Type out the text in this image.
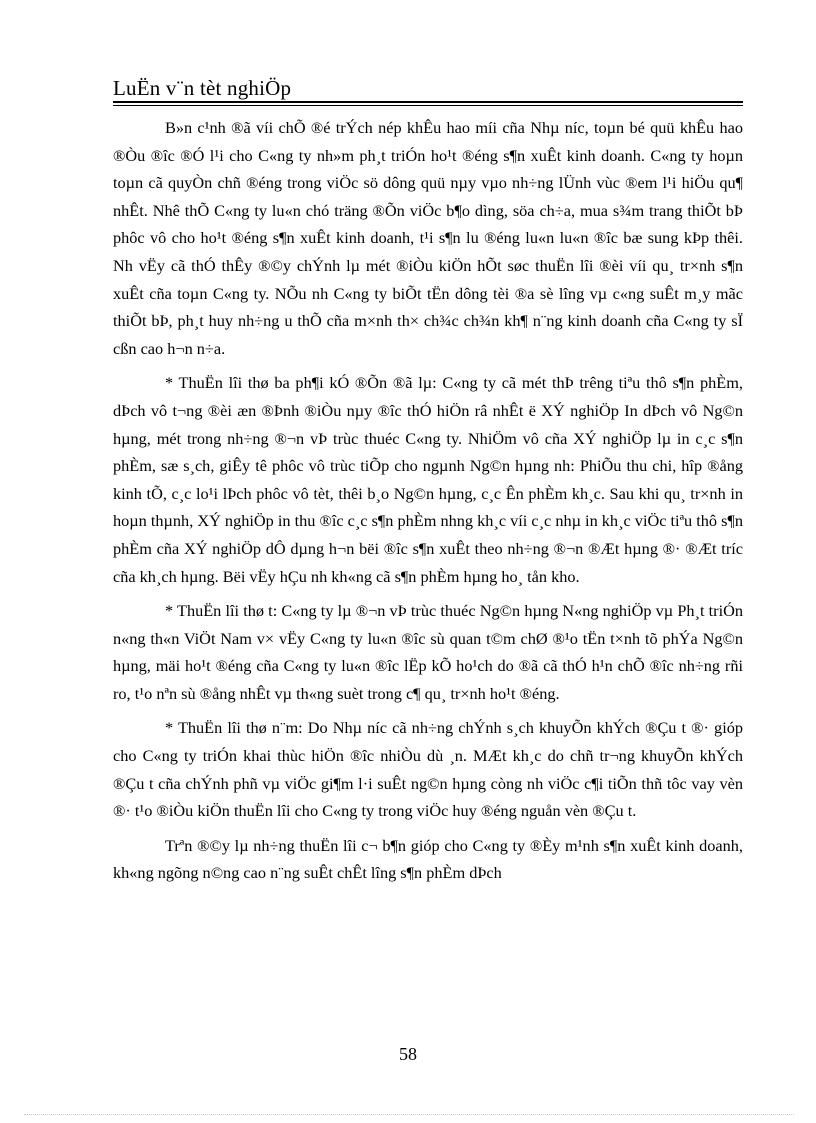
LuËn v¨n tèt nghiÖp

B»n c¹nh ®ã víi chÕ ®é trÝch nép khÊu hao míi cña Nhµ níc, toµn bé quü khÊu hao ®Òu ®îc ®Ó l¹i cho C«ng ty nh»m ph¸t triÓn ho¹t ®éng s¶n xuÊt kinh doanh. C«ng ty hoµn toµn cã quyÒn chñ ®éng trong viÖc sö dông quü nµy vµo nh÷ng lÜnh vùc ®em l¹i hiÖu qu¶ nhÊt. Nhê thÕ C«ng ty lu«n chó träng ®Õn viÖc b¶o dìng, söa ch÷a, mua s¾m trang thiÕt bÞ phôc vô cho ho¹t ®éng s¶n xuÊt kinh doanh, t¹i s¶n lu ®éng lu«n lu«n ®îc bæ sung kÞp thêi. Nh vËy cã thÓ thÊy ®©y chÝnh lµ mét ®iÒu kiÖn hÕt søc thuËn lîi ®èi víi qu¸ tr×nh s¶n xuÊt cña toµn C«ng ty. NÕu nh C«ng ty biÕt tËn dông tèi ®a sè lîng vµ c«ng suÊt m¸y mãc thiÕt bÞ, ph¸t huy nh÷ng u thÕ cña m×nh th× ch¾c ch¾n kh¶ n¨ng kinh doanh cña C«ng ty sÏ cßn cao h¬n n÷a.

* ThuËn lîi thø ba ph¶i kÓ ®Õn ®ã lµ: C«ng ty cã mét thÞ trêng tiªu thô s¶n phÈm, dÞch vô t¬ng ®èi æn ®Þnh ®iÒu nµy ®îc thÓ hiÖn râ nhÊt ë XÝ nghiÖp In dÞch vô Ng©n hµng, mét trong nh÷ng ®¬n vÞ trùc thuéc C«ng ty. NhiÖm vô cña XÝ nghiÖp lµ in c¸c s¶n phÈm, sæ s¸ch, giÊy tê phôc vô trùc tiÕp cho ngµnh Ng©n hµng nh: PhiÕu thu chi, hîp ®ång kinh tÕ, c¸c lo¹i lÞch phôc vô tèt, thêi b¸o Ng©n hµng, c¸c Ên phÈm kh¸c. Sau khi qu¸ tr×nh in hoµn thµnh, XÝ nghiÖp in thu ®îc c¸c s¶n phÈm nhng kh¸c víi c¸c nhµ in kh¸c viÖc tiªu thô s¶n phÈm cña XÝ nghiÖp dÔ dµng h¬n bëi ®îc s¶n xuÊt theo nh÷ng ®¬n ®Æt hµng ®· ®Æt tríc cña kh¸ch hµng. Bëi vËy hÇu nh kh«ng cã s¶n phÈm hµng ho¸ tån kho.

* ThuËn lîi thø t: C«ng ty lµ ®¬n vÞ trùc thuéc Ng©n hµng N«ng nghiÖp vµ Ph¸t triÓn n«ng th«n ViÖt Nam v× vËy C«ng ty lu«n ®îc sù quan t©m chØ ®¹o tËn t×nh tõ phÝa Ng©n hµng, mäi ho¹t ®éng cña C«ng ty lu«n ®îc lËp kÕ ho¹ch do ®ã cã thÓ h¹n chÕ ®îc nh÷ng rñi ro, t¹o nªn sù ®ång nhÊt vµ th«ng suèt trong c¶ qu¸ tr×nh ho¹t ®éng.

* ThuËn lîi thø n¨m: Do Nhµ níc cã nh÷ng chÝnh s¸ch khuyÕn khÝch ®Çu t ®· gióp cho C«ng ty triÓn khai thùc hiÖn ®îc nhiÒu dù ¸n. MÆt kh¸c do chñ tr¬ng khuyÕn khÝch ®Çu t cña chÝnh phñ vµ viÖc gi¶m l·i suÊt ng©n hµng còng nh viÖc c¶i tiÕn thñ tôc vay vèn ®· t¹o ®iÒu kiÖn thuËn lîi cho C«ng ty trong viÖc huy ®éng nguån vèn ®Çu t.

Trªn ®©y lµ nh÷ng thuËn lîi c¬ b¶n gióp cho C«ng ty ®Èy m¹nh s¶n xuÊt kinh doanh, kh«ng ngõng n©ng cao n¨ng suÊt chÊt lîng s¶n phÈm dÞch

58
